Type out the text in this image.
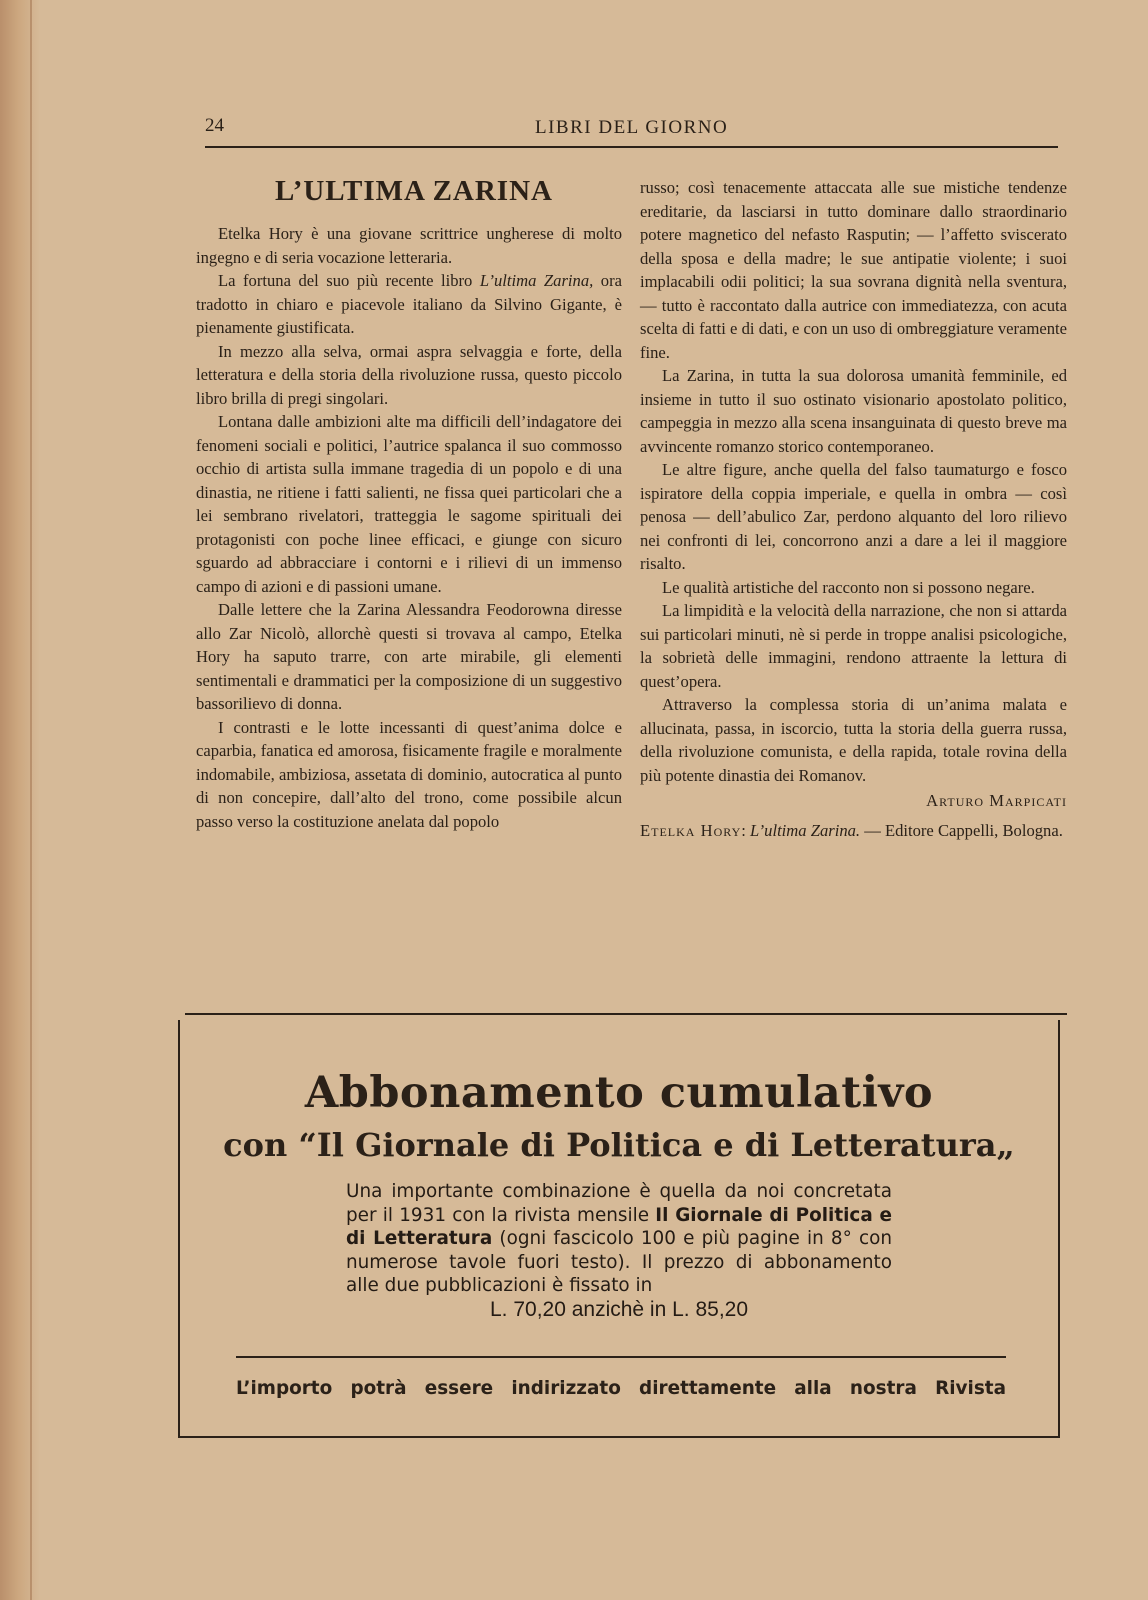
24	LIBRI DEL GIORNO
L’ULTIMA ZARINA

Etelka Hory è una giovane scrittrice ungherese di molto ingegno e di seria vocazione letteraria.

La fortuna del suo più recente libro L’ultima Zarina, ora tradotto in chiaro e piacevole italiano da Silvino Gigante, è pienamente giustificata.

In mezzo alla selva, ormai aspra selvaggia e forte, della letteratura e della storia della rivoluzione russa, questo piccolo libro brilla di pregi singolari.

Lontana dalle ambizioni alte ma difficili dell’indagatore dei fenomeni sociali e politici, l’autrice spalanca il suo commosso occhio di artista sulla immane tragedia di un popolo e di una dinastia, ne ritiene i fatti salienti, ne fissa quei particolari che a lei sembrano rivelatori, tratteggia le sagome spirituali dei protagonisti con poche linee efficaci, e giunge con sicuro sguardo ad abbracciare i contorni e i rilievi di un immenso campo di azioni e di passioni umane.

Dalle lettere che la Zarina Alessandra Feodorowna diresse allo Zar Nicolò, allorchè questi si trovava al campo, Etelka Hory ha saputo trarre, con arte mirabile, gli elementi sentimentali e drammatici per la composizione di un suggestivo bassorilievo di donna.

I contrasti e le lotte incessanti di quest’anima dolce e caparbia, fanatica ed amorosa, fisicamente fragile e moralmente indomabile, ambiziosa, assetata di dominio, autocratica al punto di non concepire, dall’alto del trono, come possibile alcun passo verso la costituzione anelata dal popolo

russo; così tenacemente attaccata alle sue mistiche tendenze ereditarie, da lasciarsi in tutto dominare dallo straordinario potere magnetico del nefasto Rasputin; — l’affetto sviscerato della sposa e della madre; le sue antipatie violente; i suoi implacabili odii politici; la sua sovrana dignità nella sventura, — tutto è raccontato dalla autrice con immediatezza, con acuta scelta di fatti e di dati, e con un uso di ombreggiature veramente fine.

La Zarina, in tutta la sua dolorosa umanità femminile, ed insieme in tutto il suo ostinato visionario apostolato politico, campeggia in mezzo alla scena insanguinata di questo breve ma avvincente romanzo storico contemporaneo.

Le altre figure, anche quella del falso taumaturgo e fosco ispiratore della coppia imperiale, e quella in ombra — così penosa — dell’abulico Zar, perdono alquanto del loro rilievo nei confronti di lei, concorrono anzi a dare a lei il maggiore risalto.

Le qualità artistiche del racconto non si possono negare.

La limpidità e la velocità della narrazione, che non si attarda sui particolari minuti, nè si perde in troppe analisi psicologiche, la sobrietà delle immagini, rendono attraente la lettura di quest’opera.

Attraverso la complessa storia di un’anima malata e allucinata, passa, in iscorcio, tutta la storia della guerra russa, della rivoluzione comunista, e della rapida, totale rovina della più potente dinastia dei Romanov.

Arturo Marpicati

Etelka Hory: L’ultima Zarina. — Editore Cappelli, Bologna.

Abbonamento cumulativo
con “Il Giornale di Politica e di Letteratura„
Una importante combinazione è quella da noi concretata per il 1931 con la rivista mensile Il Giornale di Politica e di Letteratura (ogni fascicolo 100 e più pagine in 8° con numerose tavole fuori testo). Il prezzo di abbonamento alle due pubblicazioni è fissato in
L. 70,20 anzichè in L. 85,20
L’importo potrà essere indirizzato direttamente alla nostra Rivista
